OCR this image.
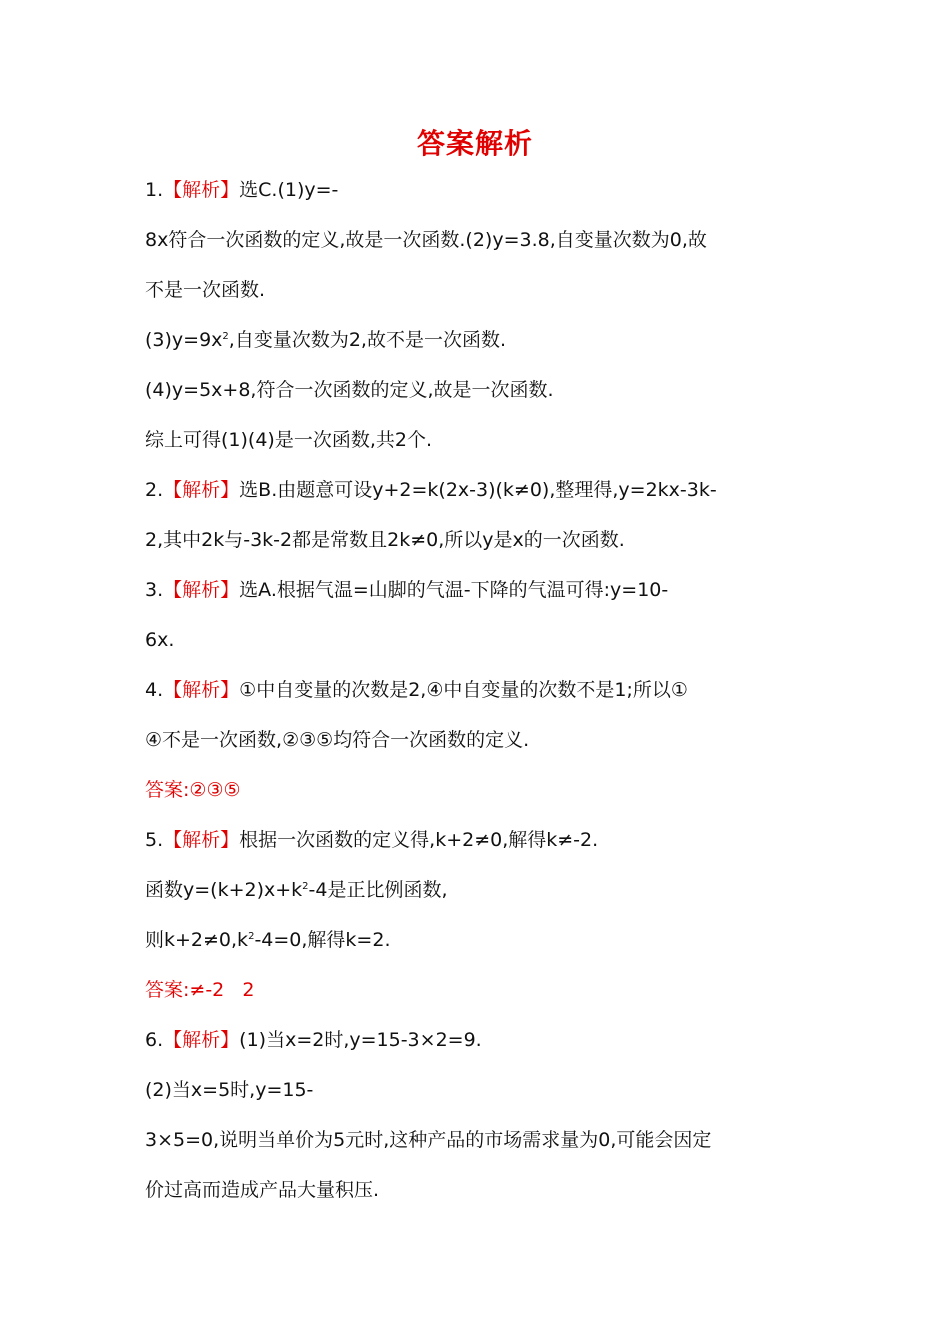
答案解析
1.【解析】选C.(1)y=-
8x符合一次函数的定义,故是一次函数.(2)y=3.8,自变量次数为0,故
不是一次函数.
$(3)y=9x^2$,自变量次数为2,故不是一次函数.
(4)y=5x+8,符合一次函数的定义,故是一次函数.
综上可得(1)(4)是一次函数,共2个.
2.【解析】选B.由题意可设y+2=k(2x-3)(k≠0),整理得,y=2kx-3k-
2,其中2k与-3k-2都是常数且2k≠0,所以y是x的一次函数.
3.【解析】选A.根据气温=山脚的气温-下降的气温可得:y=10-
6x.
4.【解析】①中自变量的次数是2,④中自变量的次数不是1;所以①
④不是一次函数,②③⑤均符合一次函数的定义.
答案:②③⑤
5.【解析】根据一次函数的定义得,k+2≠0,解得k≠-2.
函数$y=(k+2)x+k^2-4$是正比例函数,
则$k+2\ne 0,k^2-4=0$,解得k=2.
答案:≠-2   2
6.【解析】(1)当x=2时,y=15-3×2=9.
(2)当x=5时,y=15-
3×5=0,说明当单价为5元时,这种产品的市场需求量为0,可能会因定
价过高而造成产品大量积压.
